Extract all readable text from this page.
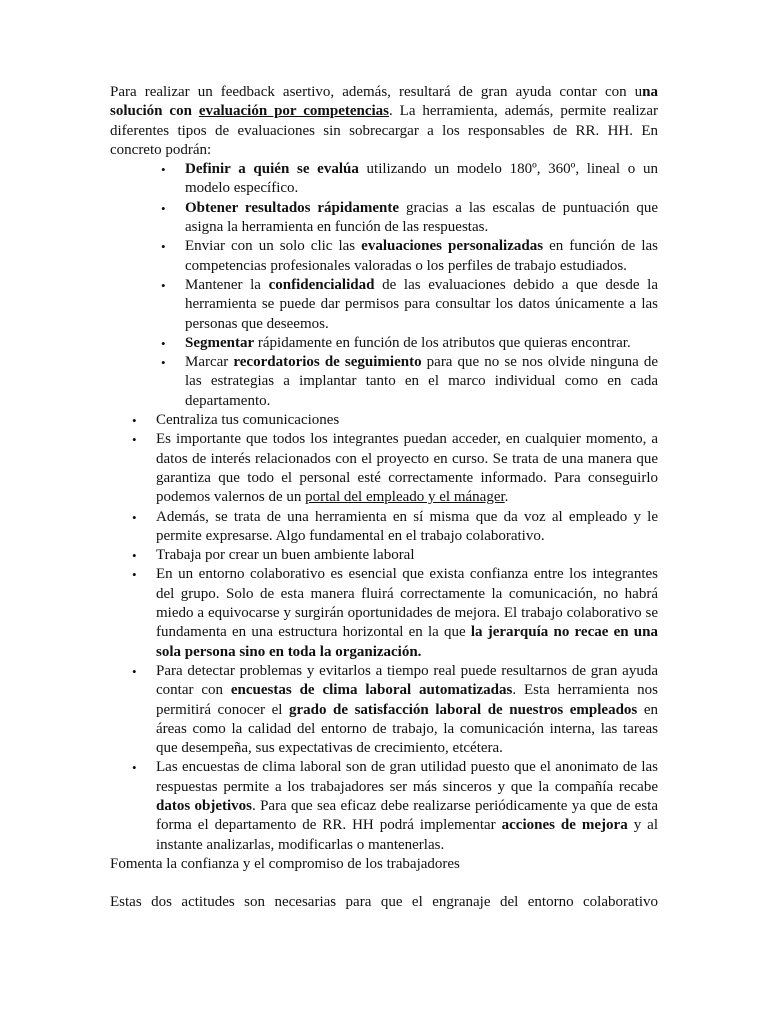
Para realizar un feedback asertivo, además, resultará de gran ayuda contar con una solución con evaluación por competencias. La herramienta, además, permite realizar diferentes tipos de evaluaciones sin sobrecargar a los responsables de RR. HH. En concreto podrán:

• Definir a quién se evalúa utilizando un modelo 180º, 360º, lineal o un modelo específico.
• Obtener resultados rápidamente gracias a las escalas de puntuación que asigna la herramienta en función de las respuestas.
• Enviar con un solo clic las evaluaciones personalizadas en función de las competencias profesionales valoradas o los perfiles de trabajo estudiados.
• Mantener la confidencialidad de las evaluaciones debido a que desde la herramienta se puede dar permisos para consultar los datos únicamente a las personas que deseemos.
• Segmentar rápidamente en función de los atributos que quieras encontrar.
• Marcar recordatorios de seguimiento para que no se nos olvide ninguna de las estrategias a implantar tanto en el marco individual como en cada departamento.
• Centraliza tus comunicaciones
• Es importante que todos los integrantes puedan acceder, en cualquier momento, a datos de interés relacionados con el proyecto en curso. Se trata de una manera que garantiza que todo el personal esté correctamente informado. Para conseguirlo podemos valernos de un portal del empleado y el mánager.
• Además, se trata de una herramienta en sí misma que da voz al empleado y le permite expresarse. Algo fundamental en el trabajo colaborativo.
• Trabaja por crear un buen ambiente laboral
• En un entorno colaborativo es esencial que exista confianza entre los integrantes del grupo. Solo de esta manera fluirá correctamente la comunicación, no habrá miedo a equivocarse y surgirán oportunidades de mejora. El trabajo colaborativo se fundamenta en una estructura horizontal en la que la jerarquía no recae en una sola persona sino en toda la organización.
• Para detectar problemas y evitarlos a tiempo real puede resultarnos de gran ayuda contar con encuestas de clima laboral automatizadas. Esta herramienta nos permitirá conocer el grado de satisfacción laboral de nuestros empleados en áreas como la calidad del entorno de trabajo, la comunicación interna, las tareas que desempeña, sus expectativas de crecimiento, etcétera.
• Las encuestas de clima laboral son de gran utilidad puesto que el anonimato de las respuestas permite a los trabajadores ser más sinceros y que la compañía recabe datos objetivos. Para que sea eficaz debe realizarse periódicamente ya que de esta forma el departamento de RR. HH podrá implementar acciones de mejora y al instante analizarlas, modificarlas o mantenerlas.
Fomenta la confianza y el compromiso de los trabajadores
Estas dos actitudes son necesarias para que el engranaje del entorno colaborativo
